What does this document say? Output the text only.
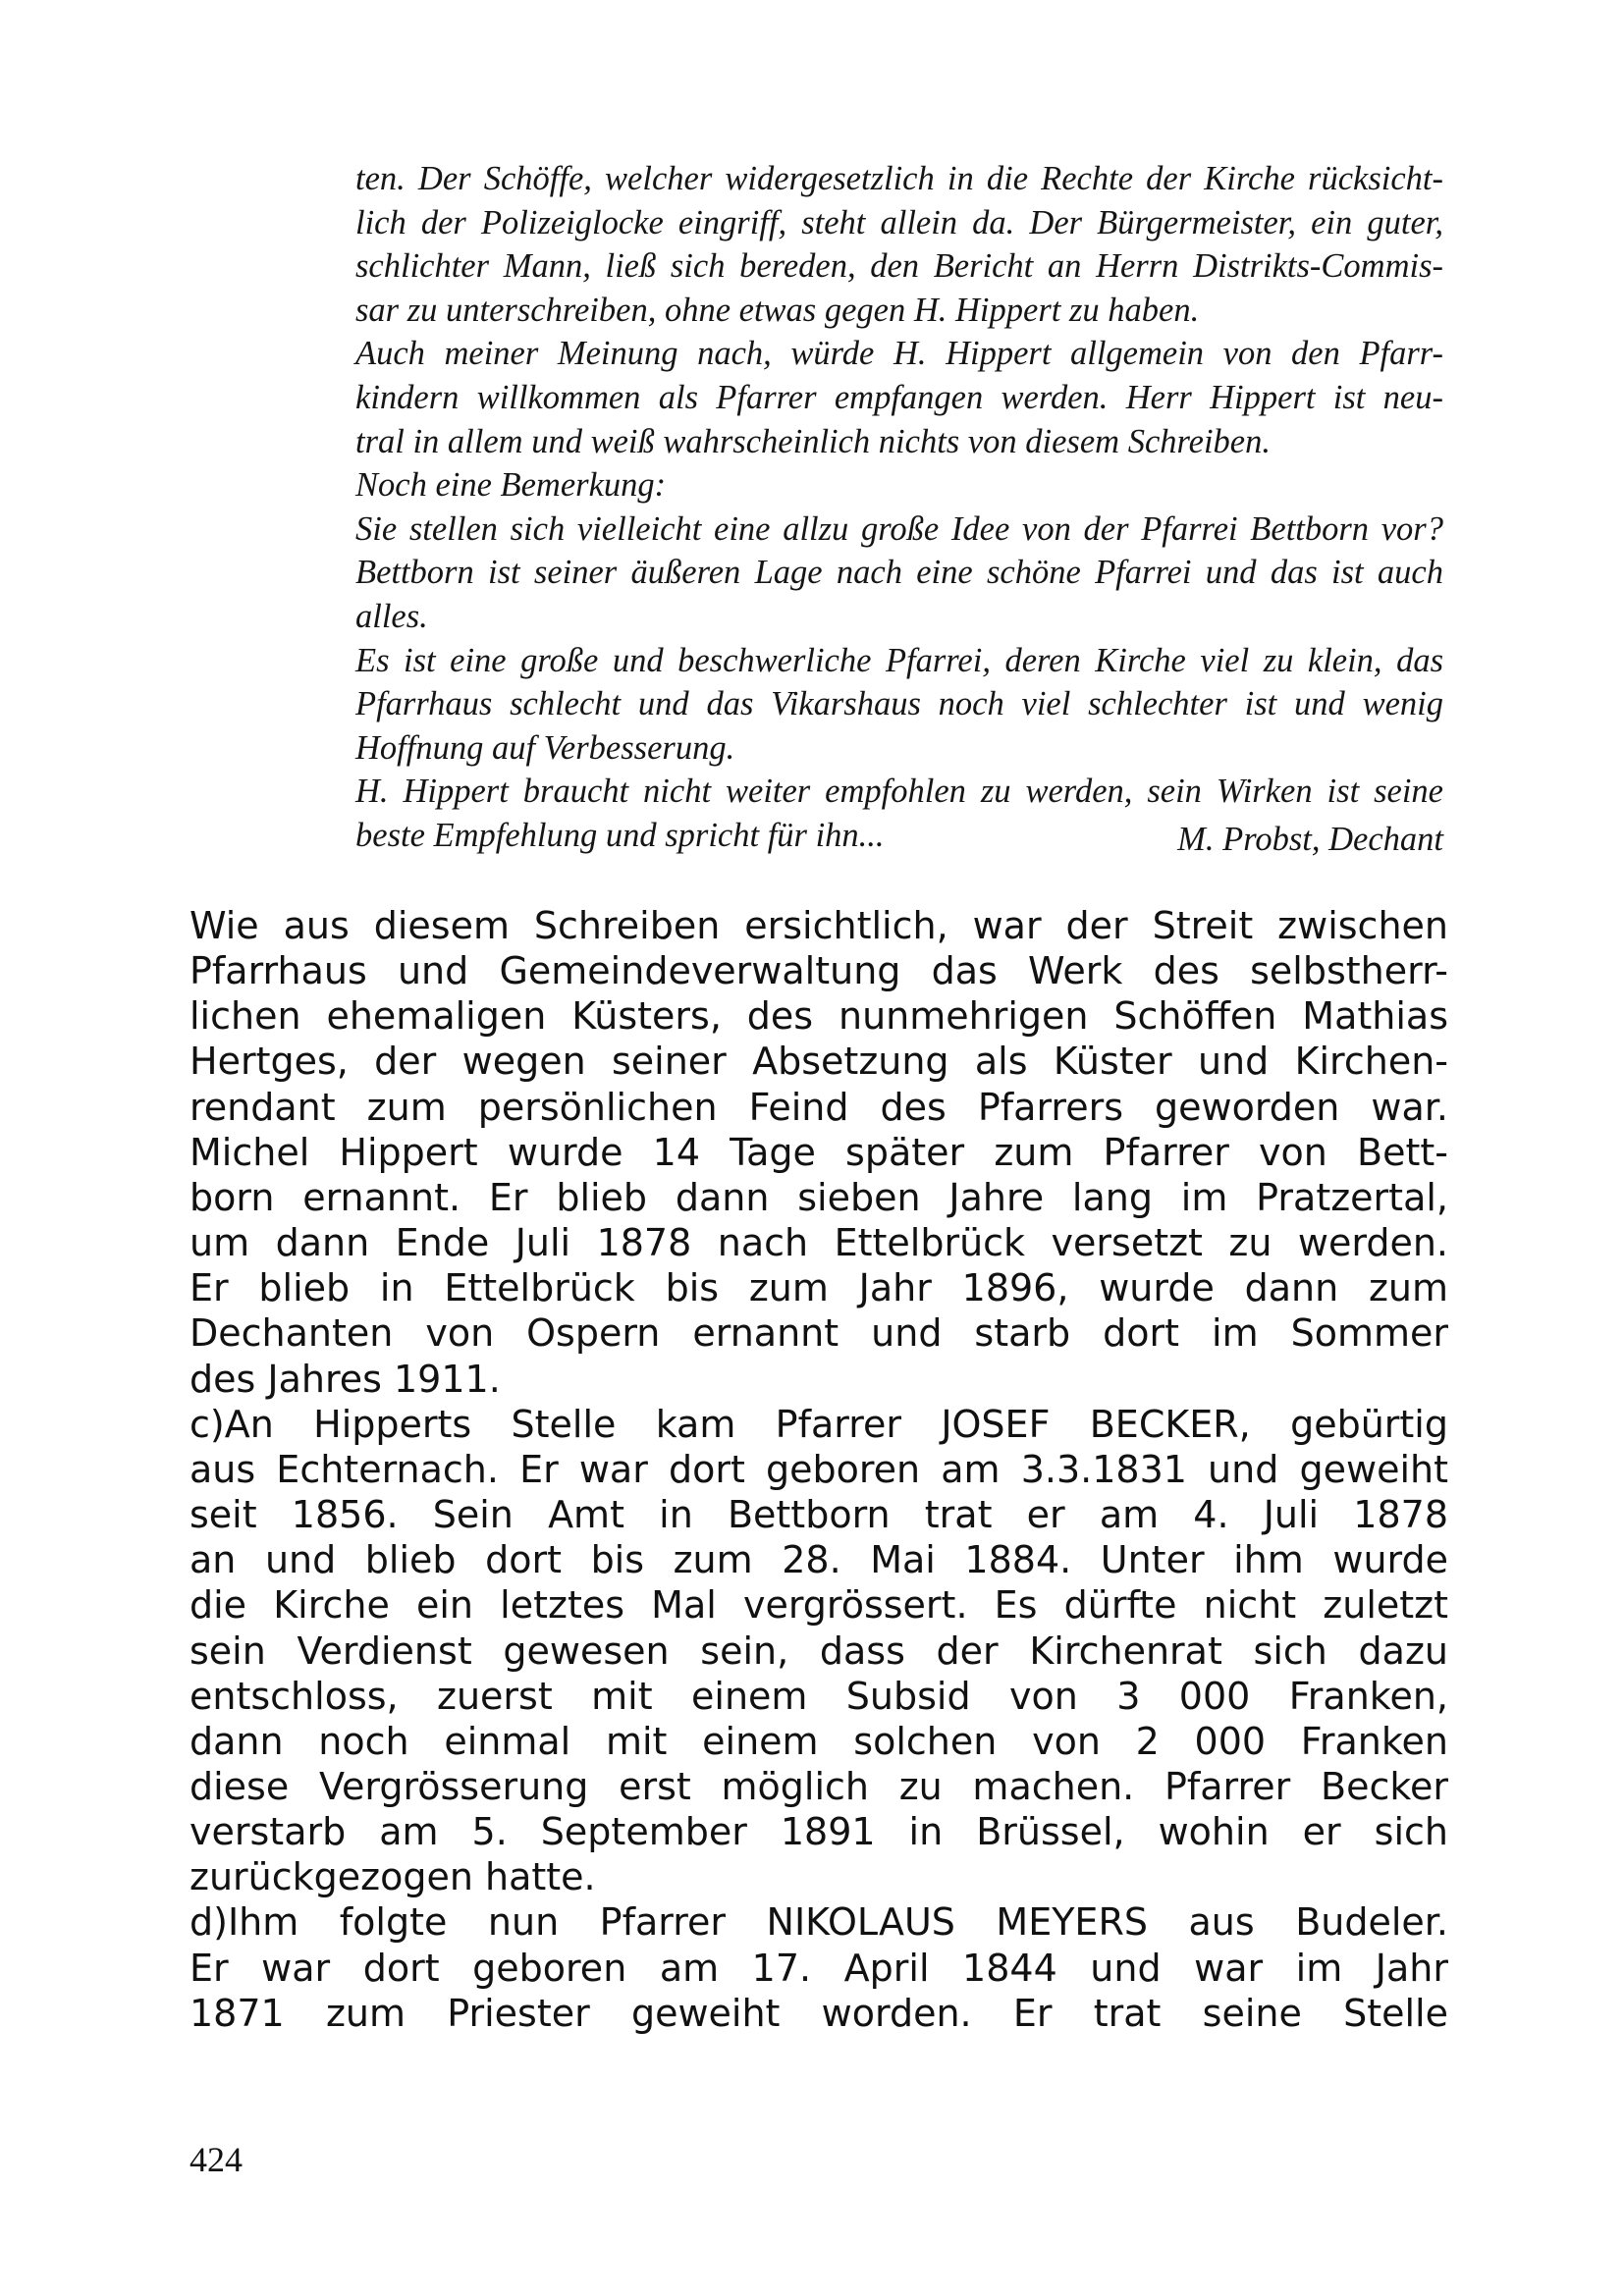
ten. Der Schöffe, welcher widergesetzlich in die Rechte der Kirche rücksicht-
lich der Polizeiglocke eingriff, steht allein da. Der Bürgermeister, ein guter,
schlichter Mann, ließ sich bereden, den Bericht an Herrn Distrikts-Commis-
sar zu unterschreiben, ohne etwas gegen H. Hippert zu haben.
Auch meiner Meinung nach, würde H. Hippert allgemein von den Pfarr-
kindern willkommen als Pfarrer empfangen werden. Herr Hippert ist neu-
tral in allem und weiß wahrscheinlich nichts von diesem Schreiben.
Noch eine Bemerkung:
Sie stellen sich vielleicht eine allzu große Idee von der Pfarrei Bettborn vor?
Bettborn ist seiner äußeren Lage nach eine schöne Pfarrei und das ist auch
alles.
Es ist eine große und beschwerliche Pfarrei, deren Kirche viel zu klein, das
Pfarrhaus schlecht und das Vikarshaus noch viel schlechter ist und wenig
Hoffnung auf Verbesserung.
H. Hippert braucht nicht weiter empfohlen zu werden, sein Wirken ist seine
beste Empfehlung und spricht für ihn...	M. Probst, Dechant
Wie aus diesem Schreiben ersichtlich, war der Streit zwischen
Pfarrhaus und Gemeindeverwaltung das Werk des selbstherr-
lichen ehemaligen Küsters, des nunmehrigen Schöffen Mathias
Hertges, der wegen seiner Absetzung als Küster und Kirchen-
rendant zum persönlichen Feind des Pfarrers geworden war.
Michel Hippert wurde 14 Tage später zum Pfarrer von Bett-
born ernannt. Er blieb dann sieben Jahre lang im Pratzertal,
um dann Ende Juli 1878 nach Ettelbrück versetzt zu werden.
Er blieb in Ettelbrück bis zum Jahr 1896, wurde dann zum
Dechanten von Ospern ernannt und starb dort im Sommer
des Jahres 1911.
c)An Hipperts Stelle kam Pfarrer JOSEF BECKER, gebürtig
aus Echternach. Er war dort geboren am 3.3.1831 und geweiht
seit 1856. Sein Amt in Bettborn trat er am 4. Juli 1878
an und blieb dort bis zum 28. Mai 1884. Unter ihm wurde
die Kirche ein letztes Mal vergrössert. Es dürfte nicht zuletzt
sein Verdienst gewesen sein, dass der Kirchenrat sich dazu
entschloss, zuerst mit einem Subsid von 3 000 Franken,
dann noch einmal mit einem solchen von 2 000 Franken
diese Vergrösserung erst möglich zu machen. Pfarrer Becker
verstarb am 5. September 1891 in Brüssel, wohin er sich
zurückgezogen hatte.
d)Ihm folgte nun Pfarrer NIKOLAUS MEYERS aus Budeler.
Er war dort geboren am 17. April 1844 und war im Jahr
1871 zum Priester geweiht worden. Er trat seine Stelle
424
